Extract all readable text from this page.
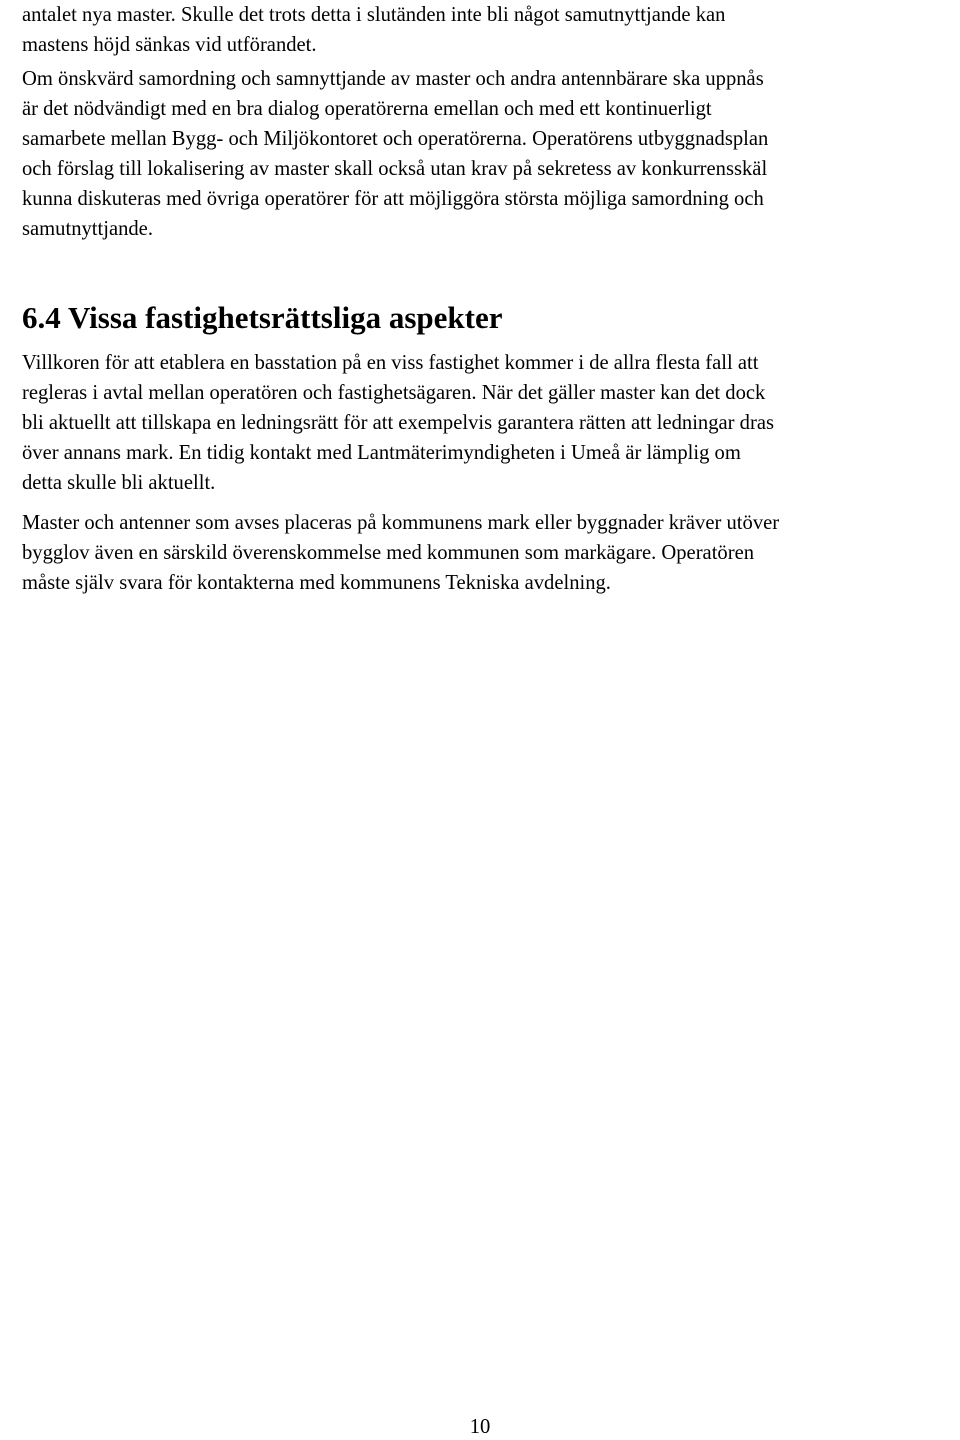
antalet nya master. Skulle det trots detta i slutänden inte bli något samutnyttjande kan
mastens höjd sänkas vid utförandet.

Om önskvärd samordning och samnyttjande av master och andra antennbärare ska uppnås
är det nödvändigt med en bra dialog operatörerna emellan och med ett kontinuerligt
samarbete mellan Bygg- och Miljökontoret och operatörerna. Operatörens utbyggnadsplan
och förslag till lokalisering av master skall också utan krav på sekretess av konkurrensskäl
kunna diskuteras med övriga operatörer för att möjliggöra största möjliga samordning och
samutnyttjande.

6.4 Vissa fastighetsrättsliga aspekter

Villkoren för att etablera en basstation på en viss fastighet kommer i de allra flesta fall att
regleras i avtal mellan operatören och fastighetsägaren. När det gäller master kan det dock
bli aktuellt att tillskapa en ledningsrätt för att exempelvis garantera rätten att ledningar dras
över annans mark. En tidig kontakt med Lantmäterimyndigheten i Umeå är lämplig om
detta skulle bli aktuellt.

Master och antenner som avses placeras på kommunens mark eller byggnader kräver utöver
bygglov även en särskild överenskommelse med kommunen som markägare. Operatören
måste själv svara för kontakterna med kommunens Tekniska avdelning.

10
